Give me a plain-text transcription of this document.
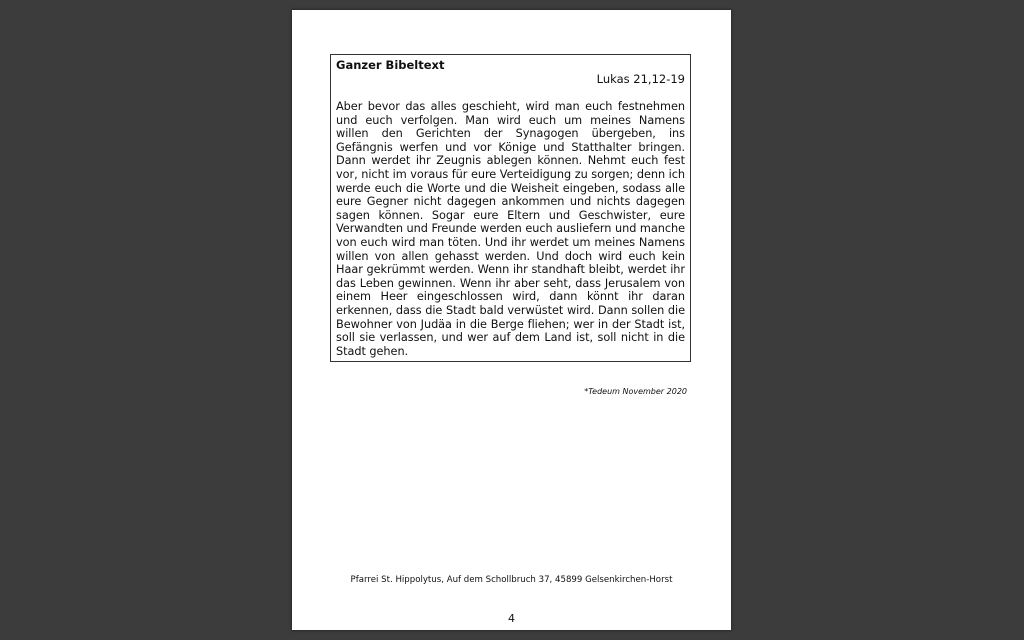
Ganzer Bibeltext

Lukas 21,12-19

Aber bevor das alles geschieht, wird man euch festnehmen und euch verfolgen. Man wird euch um meines Namens willen den Gerichten der Synagogen übergeben, ins Gefängnis werfen und vor Könige und Statthalter bringen. Dann werdet ihr Zeugnis ablegen können. Nehmt euch fest vor, nicht im voraus für eure Verteidigung zu sorgen; denn ich werde euch die Worte und die Weisheit eingeben, sodass alle eure Gegner nicht dagegen ankommen und nichts dagegen sagen können. Sogar eure Eltern und Geschwister, eure Verwandten und Freunde werden euch ausliefern und manche von euch wird man töten. Und ihr werdet um meines Namens willen von allen gehasst werden. Und doch wird euch kein Haar gekrümmt werden. Wenn ihr standhaft bleibt, werdet ihr das Leben gewinnen. Wenn ihr aber seht, dass Jerusalem von einem Heer eingeschlossen wird, dann könnt ihr daran erkennen, dass die Stadt bald verwüstet wird. Dann sollen die Bewohner von Judäa in die Berge fliehen; wer in der Stadt ist, soll sie verlassen, und wer auf dem Land ist, soll nicht in die Stadt gehen.

*Tedeum November 2020
Pfarrei St. Hippolytus, Auf dem Schollbruch 37, 45899 Gelsenkirchen-Horst
4
